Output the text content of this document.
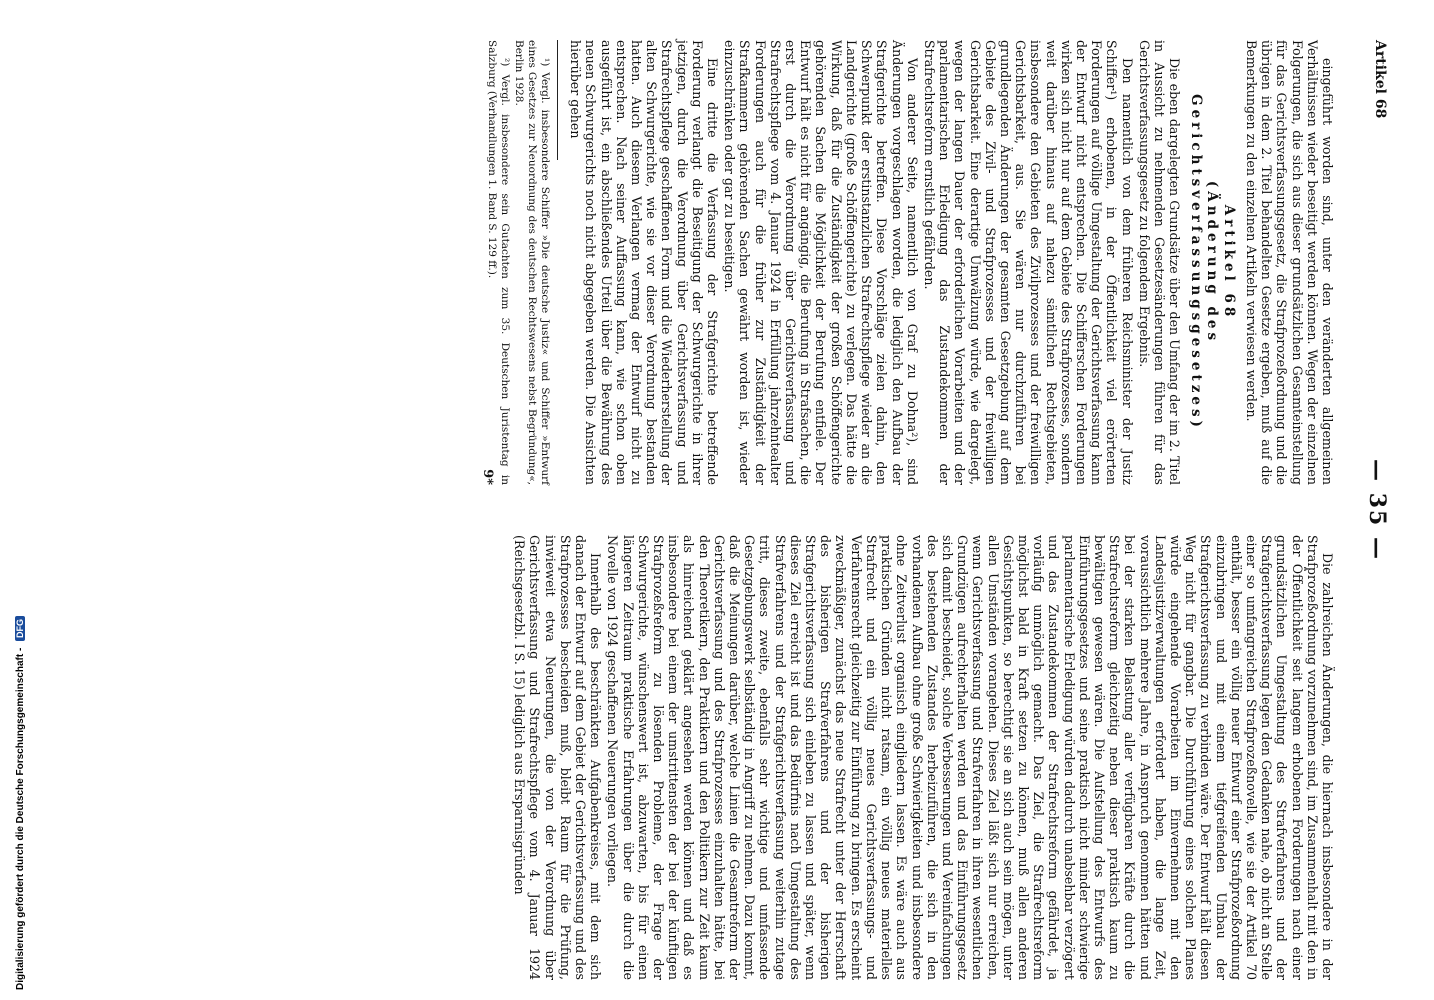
— 35 —
Artikel 68

eingeführt worden sind, unter den veränderten allgemeinen Verhältnissen wieder beseitigt werden können. Wegen der einzelnen Folgerungen, die sich aus dieser grundsätzlichen Gesamteinstellung für das Gerichtsverfassungsgesetz, die Strafprozeßordnung und die übrigen in dem 2. Titel behandelten Gesetze ergeben, muß auf die Bemerkungen zu den einzelnen Artikeln verwiesen werden.

Artikel 68
(Änderung des Gerichtsverfassungsgesetzes)

Die eben dargelegten Grundsätze über den Umfang der im 2. Titel in Aussicht zu nehmenden Gesetzesänderungen führen für das Gerichtsverfassungsgesetz zu folgendem Ergebnis.

Den namentlich von dem früheren Reichsminister der Justiz Schiffer¹) erhobenen, in der Öffentlichkeit viel erörterten Forderungen auf völlige Umgestaltung der Gerichtsverfassung kann der Entwurf nicht entsprechen. Die Schifferschen Forderungen wirken sich nicht nur auf dem Gebiete des Strafprozesses, sondern weit darüber hinaus auf nahezu sämtlichen Rechtsgebieten, insbesondere den Gebieten des Zivilprozesses und der freiwilligen Gerichtsbarkeit, aus. Sie wären nur durchzuführen bei grundlegenden Änderungen der gesamten Gesetzgebung auf dem Gebiete des Zivil- und Strafprozesses und der freiwilligen Gerichtsbarkeit. Eine derartige Umwälzung würde, wie dargelegt, wegen der langen Dauer der erforderlichen Vorarbeiten und der parlamentarischen Erledigung das Zustandekommen der Strafrechtsreform ernstlich gefährden.

Von anderer Seite, namentlich von Graf zu Dohna²), sind Änderungen vorgeschlagen worden, die lediglich den Aufbau der Strafgerichte betreffen. Diese Vorschläge zielen dahin, den Schwerpunkt der erstinstanzlichen Strafrechtspflege wieder an die Landgerichte (große Schöffengerichte) zu verlegen. Das hätte die Wirkung, daß für die Zuständigkeit der großen Schöffengerichte gehörenden Sachen die Möglichkeit der Berufung entfiele. Der Entwurf hält es nicht für angängig, die Berufung in Strafsachen, die erst durch die Verordnung über Gerichtsverfassung und Strafrechtspflege vom 4. Januar 1924 in Erfüllung jahrzehntealter Forderungen auch für die früher zur Zuständigkeit der Strafkammern gehörenden Sachen gewährt worden ist, wieder einzuschränken oder gar zu beseitigen.

Eine dritte die Verfassung der Strafgerichte betreffende Forderung verlangt die Beseitigung der Schwurgerichte in ihrer jetzigen, durch die Verordnung über Gerichtsverfassung und Strafrechtspflege geschaffenen Form und die Wiederherstellung der alten Schwurgerichte, wie sie vor dieser Verordnung bestanden hatten. Auch diesem Verlangen vermag der Entwurf nicht zu entsprechen. Nach seiner Auffassung kann, wie schon oben ausgeführt ist, ein abschließendes Urteil über die Bewährung des neuen Schwurgerichts noch nicht abgegeben werden. Die Ansichten hierüber gehen

¹) Vergl. insbesondere Schiffer »Die deutsche Justiz« und Schiffer »Entwurf eines Gesetzes zur Neuordnung des deutschen Rechtswesens nebst Begründung«, Berlin 1928.

²) Vergl. insbesondere sein Gutachten zum 35. Deutschen Juristentag in Salzburg (Verhandlungen 1. Band S. 129 ff.).

9*

Die zahlreichen Änderungen, die hiernach insbesondere in der Strafprozeßordnung vorzunehmen sind, im Zusammenhalt mit den in der Öffentlichkeit seit langem erhobenen Forderungen nach einer grundsätzlichen Umgestaltung des Strafverfahrens und der Strafgerichtsverfassung legen den Gedanken nahe, ob nicht an Stelle einer so umfangreichen Strafprozeßnovelle, wie sie der Artikel 70 enthält, besser ein völlig neuer Entwurf einer Strafprozeßordnung einzubringen und mit einem tiefgreifenden Umbau der Strafgerichtsverfassung zu verbinden wäre. Der Entwurf hält diesen Weg nicht für gangbar. Die Durchführung eines solchen Planes würde eingehende Vorarbeiten im Einvernehmen mit den Landesjustizverwaltungen erfordert haben, die lange Zeit, voraussichtlich mehrere Jahre, in Anspruch genommen hätten und bei der starken Belastung aller verfügbaren Kräfte durch die Strafrechtsreform gleichzeitig neben dieser praktisch kaum zu bewältigen gewesen wären. Die Aufstellung des Entwurfs des Einführungsgesetzes und seine praktisch nicht minder schwierige parlamentarische Erledigung würden dadurch unabsehbar verzögert und das Zustandekommen der Strafrechtsreform gefährdet, ja vorläufig unmöglich gemacht. Das Ziel, die Strafrechtsreform möglichst bald in Kraft setzen zu können, muß allen anderen Gesichtspunkten, so berechtigt sie an sich auch sein mögen, unter allen Umständen vorangehen. Dieses Ziel läßt sich nur erreichen, wenn Gerichtsverfassung und Strafverfahren in ihren wesentlichen Grundzügen aufrechterhalten werden und das Einführungsgesetz sich damit bescheidet, solche Verbesserungen und Vereinfachungen des bestehenden Zustandes herbeizuführen, die sich in den vorhandenen Aufbau ohne große Schwierigkeiten und insbesondere ohne Zeitverlust organisch eingliedern lassen. Es wäre auch aus praktischen Gründen nicht ratsam, ein völlig neues materielles Strafrecht und ein völlig neues Gerichtsverfassungs- und Verfahrensrecht gleichzeitig zur Einführung zu bringen. Es erscheint zweckmäßiger, zunächst das neue Strafrecht unter der Herrschaft des bisherigen Strafverfahrens und der bisherigen Strafgerichtsverfassung sich einleben zu lassen und später, wenn dieses Ziel erreicht ist und das Bedürfnis nach Umgestaltung des Strafverfahrens und der Strafgerichtsverfassung weiterhin zutage tritt, dieses zweite, ebenfalls sehr wichtige und umfassende Gesetzgebungswerk selbständig in Angriff zu nehmen. Dazu kommt, daß die Meinungen darüber, welche Linien die Gesamtreform der Gerichtsverfassung und des Strafprozesses einzuhalten hätte, bei den Theoretikern, den Praktikern und den Politikern zur Zeit kaum als hinreichend geklärt angesehen werden können und daß es insbesondere bei einem der umstrittensten der bei der künftigen Strafprozeßreform zu lösenden Probleme, der Frage der Schwurgerichte, wünschenswert ist, abzuwarten, bis für einen längeren Zeitraum praktische Erfahrungen über die durch die Novelle von 1924 geschaffenen Neuerungen vorliegen.

Innerhalb des beschränkten Aufgabenkreises, mit dem sich danach der Entwurf auf dem Gebiet der Gerichtsverfassung und des Strafprozesses bescheiden muß, bleibt Raum für die Prüfung, inwieweit etwa Neuerungen, die von der Verordnung über Gerichtsverfassung und Strafrechtspflege vom 4. Januar 1924 (Reichsgesetzbl. I S. 15) lediglich aus Ersparnisgründen

Digitalisierung gefördert durch die Deutsche Forschungsgemeinschaft - DFG
